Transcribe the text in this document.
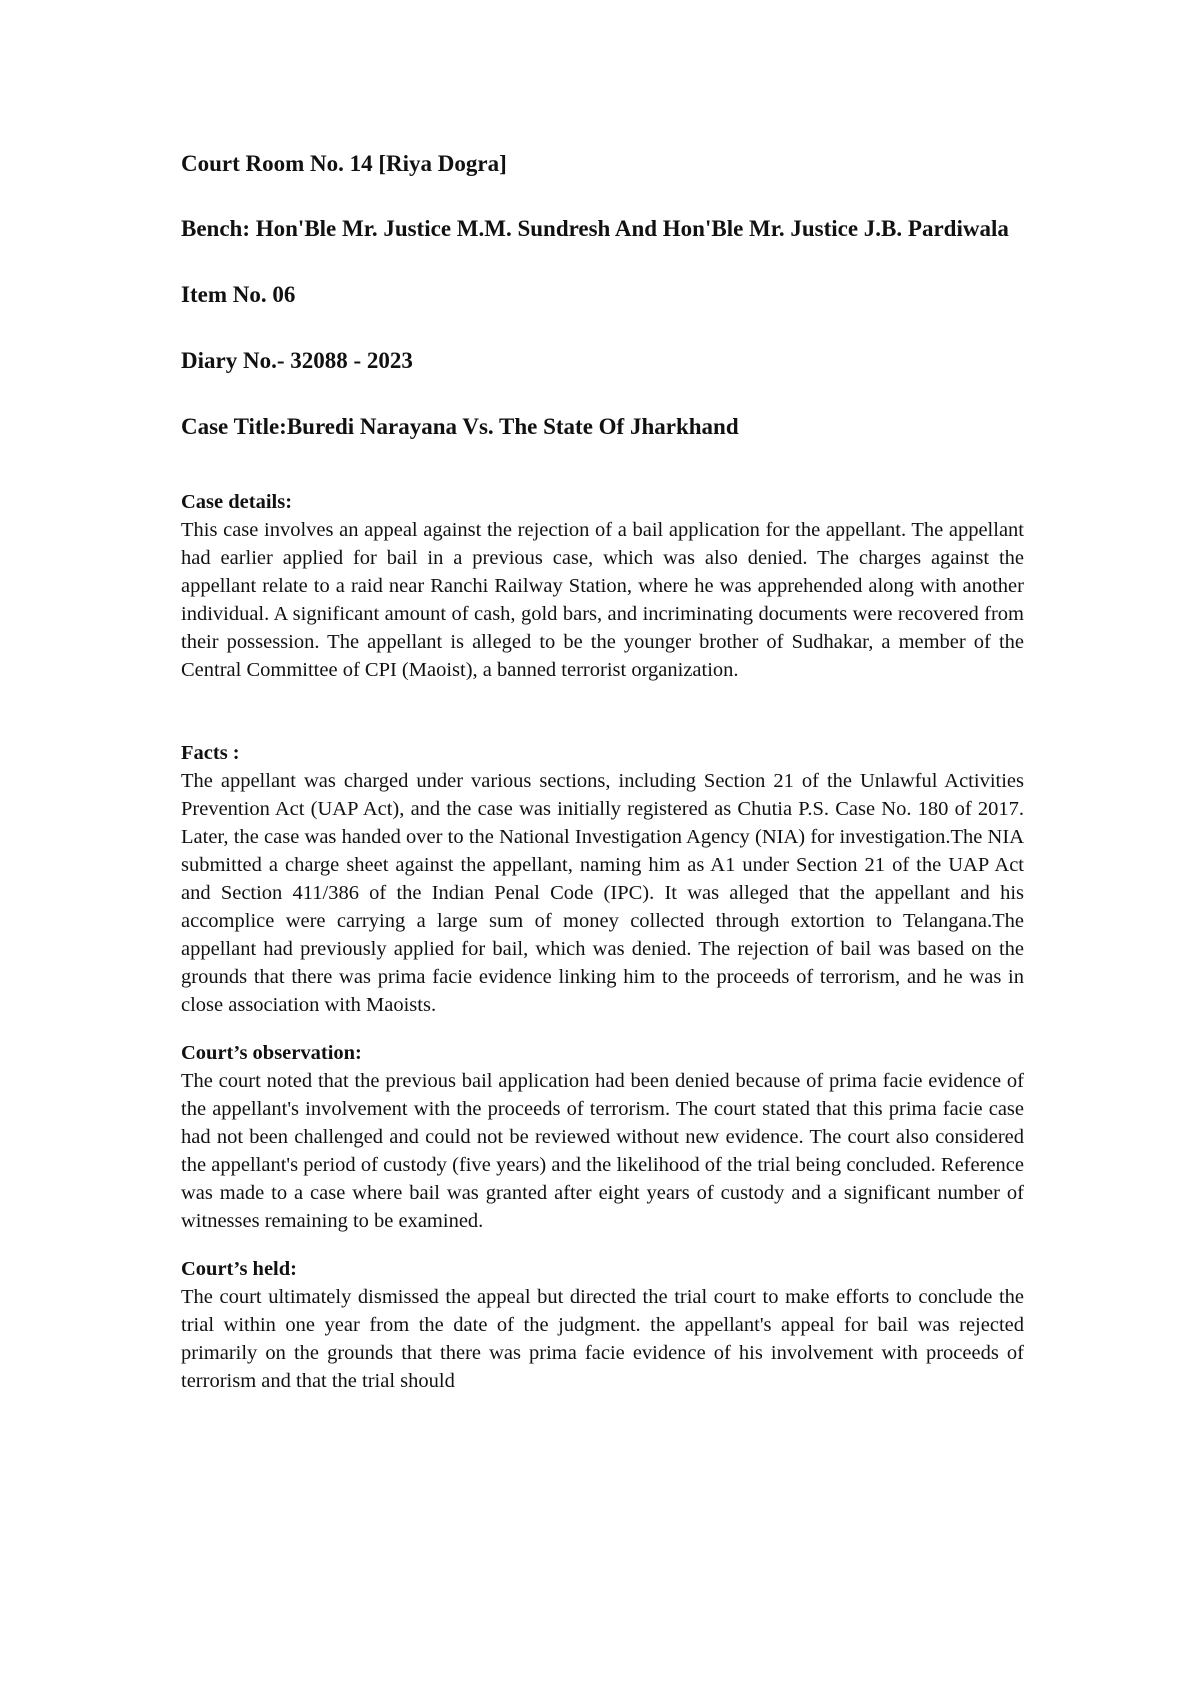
Court Room No. 14 [Riya Dogra]

Bench: Hon'Ble Mr. Justice M.M. Sundresh And Hon'Ble Mr. Justice J.B. Pardiwala

Item No. 06

Diary No.- 32088 - 2023

Case Title:Buredi Narayana Vs. The State Of Jharkhand

Case details:

This case involves an appeal against the rejection of a bail application for the appellant. The appellant had earlier applied for bail in a previous case, which was also denied. The charges against the appellant relate to a raid near Ranchi Railway Station, where he was apprehended along with another individual. A significant amount of cash, gold bars, and incriminating documents were recovered from their possession. The appellant is alleged to be the younger brother of Sudhakar, a member of the Central Committee of CPI (Maoist), a banned terrorist organization.

Facts :

The appellant was charged under various sections, including Section 21 of the Unlawful Activities Prevention Act (UAP Act), and the case was initially registered as Chutia P.S. Case No. 180 of 2017. Later, the case was handed over to the National Investigation Agency (NIA) for investigation.The NIA submitted a charge sheet against the appellant, naming him as A1 under Section 21 of the UAP Act and Section 411/386 of the Indian Penal Code (IPC). It was alleged that the appellant and his accomplice were carrying a large sum of money collected through extortion to Telangana.The appellant had previously applied for bail, which was denied. The rejection of bail was based on the grounds that there was prima facie evidence linking him to the proceeds of terrorism, and he was in close association with Maoists.

Court’s observation:

The court noted that the previous bail application had been denied because of prima facie evidence of the appellant's involvement with the proceeds of terrorism. The court stated that this prima facie case had not been challenged and could not be reviewed without new evidence. The court also considered the appellant's period of custody (five years) and the likelihood of the trial being concluded. Reference was made to a case where bail was granted after eight years of custody and a significant number of witnesses remaining to be examined.

Court’s held:

The court ultimately dismissed the appeal but directed the trial court to make efforts to conclude the trial within one year from the date of the judgment. the appellant's appeal for bail was rejected primarily on the grounds that there was prima facie evidence of his involvement with proceeds of terrorism and that the trial should
